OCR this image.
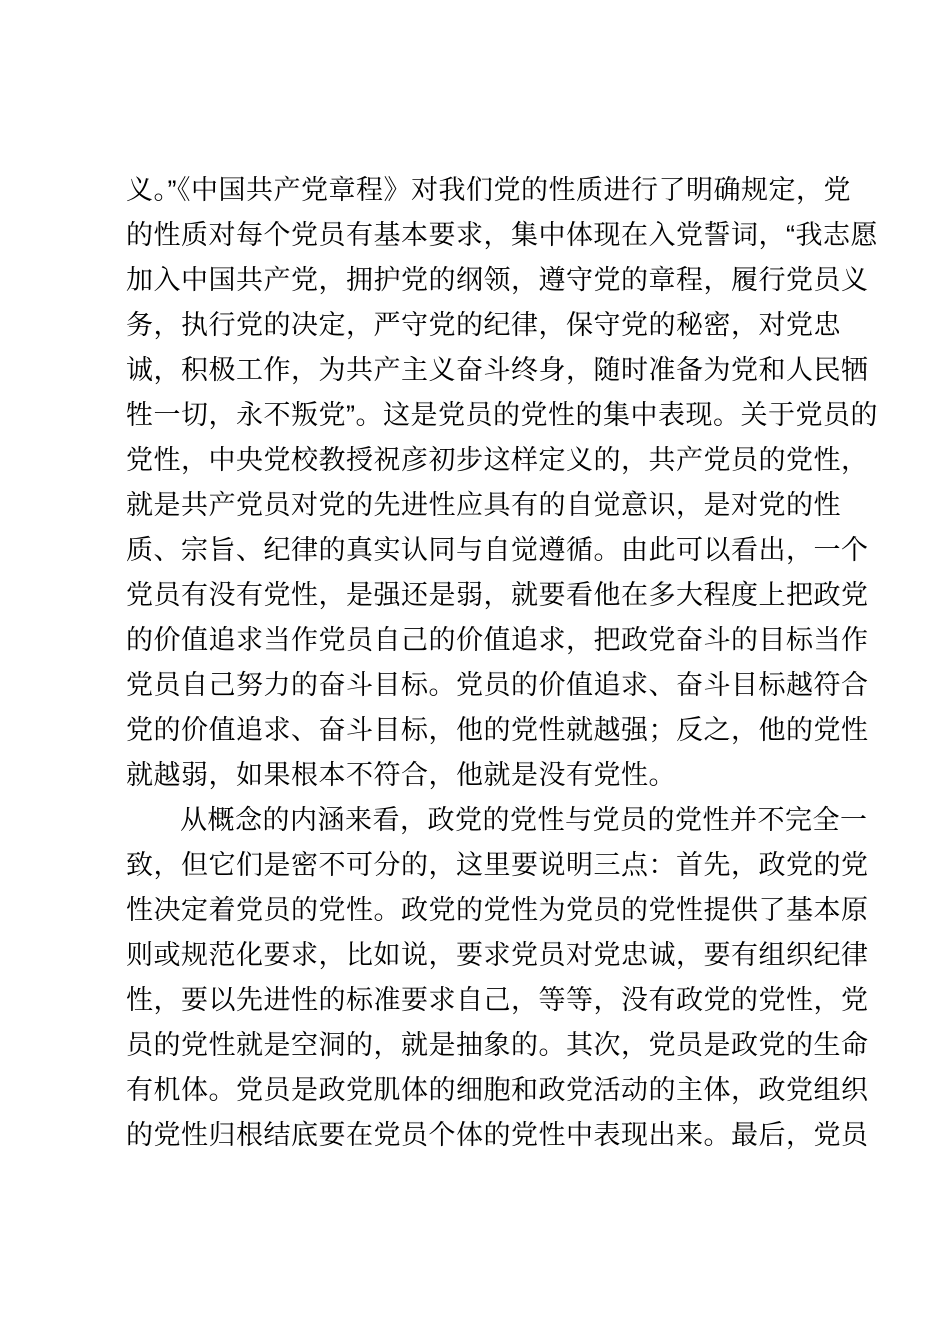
义。”《中国共产党章程》对我们党的性质进行了明确规定，党
的性质对每个党员有基本要求，集中体现在入党誓词，“我志愿
加入中国共产党，拥护党的纲领，遵守党的章程，履行党员义
务，执行党的决定，严守党的纪律，保守党的秘密，对党忠
诚，积极工作，为共产主义奋斗终身，随时准备为党和人民牺
牲一切，永不叛党”。这是党员的党性的集中表现。关于党员的
党性，中央党校教授祝彦初步这样定义的，共产党员的党性，
就是共产党员对党的先进性应具有的自觉意识，是对党的性
质、宗旨、纪律的真实认同与自觉遵循。由此可以看出，一个
党员有没有党性，是强还是弱，就要看他在多大程度上把政党
的价值追求当作党员自己的价值追求，把政党奋斗的目标当作
党员自己努力的奋斗目标。党员的价值追求、奋斗目标越符合
党的价值追求、奋斗目标，他的党性就越强；反之，他的党性
就越弱，如果根本不符合，他就是没有党性。
从概念的内涵来看，政党的党性与党员的党性并不完全一
致，但它们是密不可分的，这里要说明三点：首先，政党的党
性决定着党员的党性。政党的党性为党员的党性提供了基本原
则或规范化要求，比如说，要求党员对党忠诚，要有组织纪律
性，要以先进性的标准要求自己，等等，没有政党的党性，党
员的党性就是空洞的，就是抽象的。其次，党员是政党的生命
有机体。党员是政党肌体的细胞和政党活动的主体，政党组织
的党性归根结底要在党员个体的党性中表现出来。最后，党员
